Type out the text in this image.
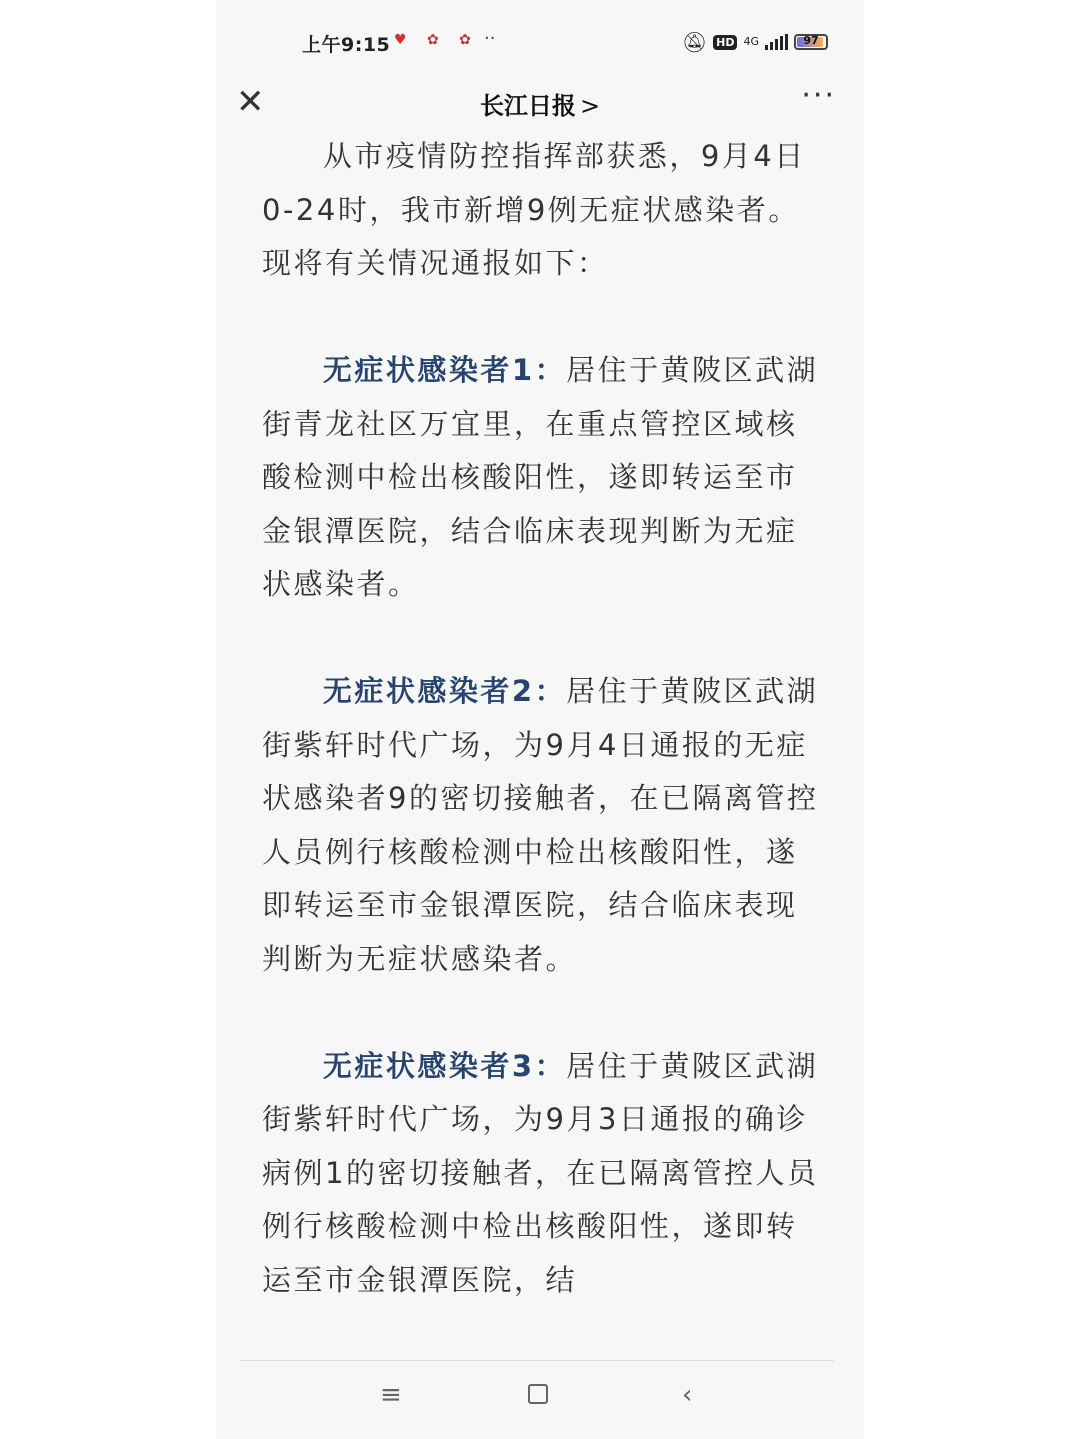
上午9:15 ♥ ✿ ✿ ··	🔕︎ HD 4G	97
✕	长江日报 >	···

从市疫情防控指挥部获悉，9月4日0-24时，我市新增9例无症状感染者。现将有关情况通报如下：

无症状感染者1：居住于黄陂区武湖街青龙社区万宜里，在重点管控区域核酸检测中检出核酸阳性，遂即转运至市金银潭医院，结合临床表现判断为无症状感染者。

无症状感染者2：居住于黄陂区武湖街紫轩时代广场，为9月4日通报的无症状感染者9的密切接触者，在已隔离管控人员例行核酸检测中检出核酸阳性，遂即转运至市金银潭医院，结合临床表现判断为无症状感染者。

无症状感染者3：居住于黄陂区武湖街紫轩时代广场，为9月3日通报的确诊病例1的密切接触者，在已隔离管控人员例行核酸检测中检出核酸阳性，遂即转运至市金银潭医院，结

≡	‹
